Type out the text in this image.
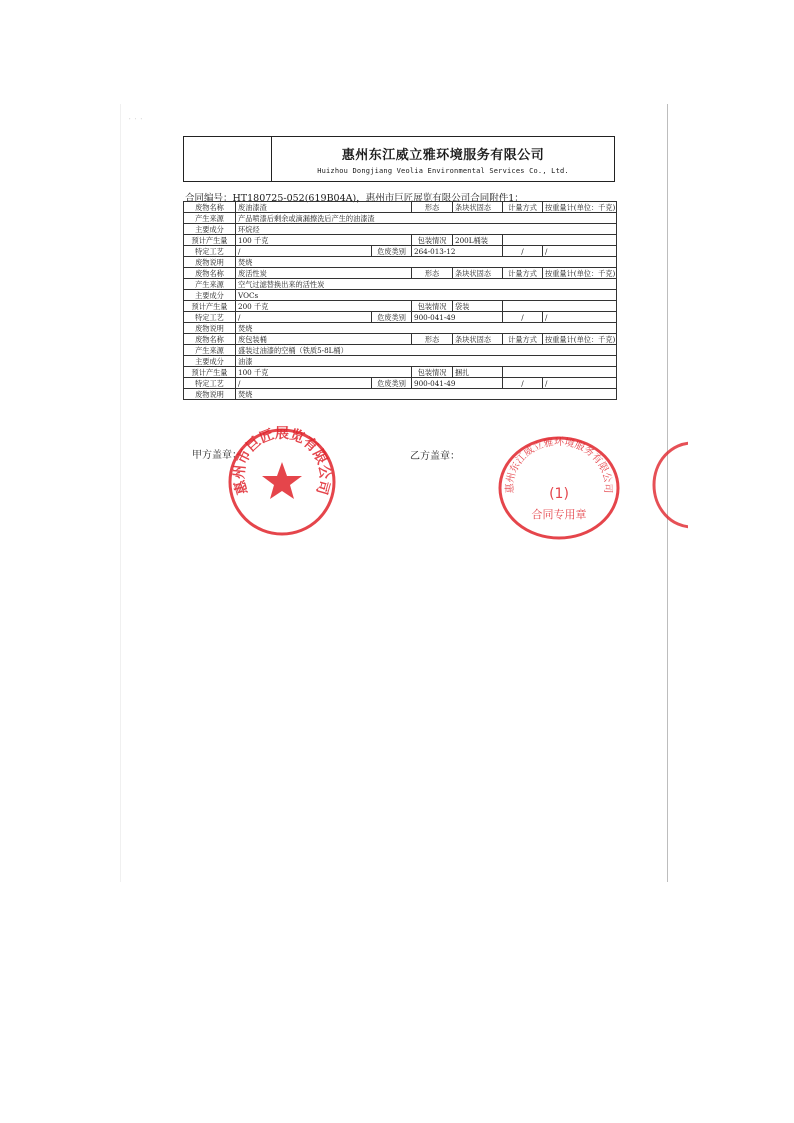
˙ ˙ ˙
惠州东江威立雅环境服务有限公司
Huizhou Dongjiang Veolia Environmental Services Co., Ltd.
合同编号：HT180725-052(619B04A)，惠州市巨匠展览有限公司合同附件1：
废物名称	废油漆渣		形态	条块状固态	计量方式	按重量计(单位：千克)
产生来源	产品喷漆后剩余或滴漏擦洗后产生的油漆渣					
主要成分	环烷烃					
预计产生量	100 千克		包装情况	200L桶装		
特定工艺	/	危废类别	264-013-12		/	/
废物说明	焚烧					
废物名称	废活性炭		形态	条块状固态	计量方式	按重量计(单位：千克)
产生来源	空气过滤替换出来的活性炭					
主要成分	VOCs					
预计产生量	200 千克		包装情况	袋装		
特定工艺	/	危废类别	900-041-49		/	/
废物说明	焚烧					
废物名称	废包装桶		形态	条块状固态	计量方式	按重量计(单位：千克)
产生来源	盛装过油漆的空桶（铁质5-8L桶）					
主要成分	油漆					
预计产生量	100 千克		包装情况	捆扎		
特定工艺	/	危废类别	900-041-49		/	/
废物说明	焚烧					
甲方盖章：	乙方盖章：
惠州市巨匠展览有限公司	惠州东江威立雅环境服务有限公司
(1)
合同专用章
